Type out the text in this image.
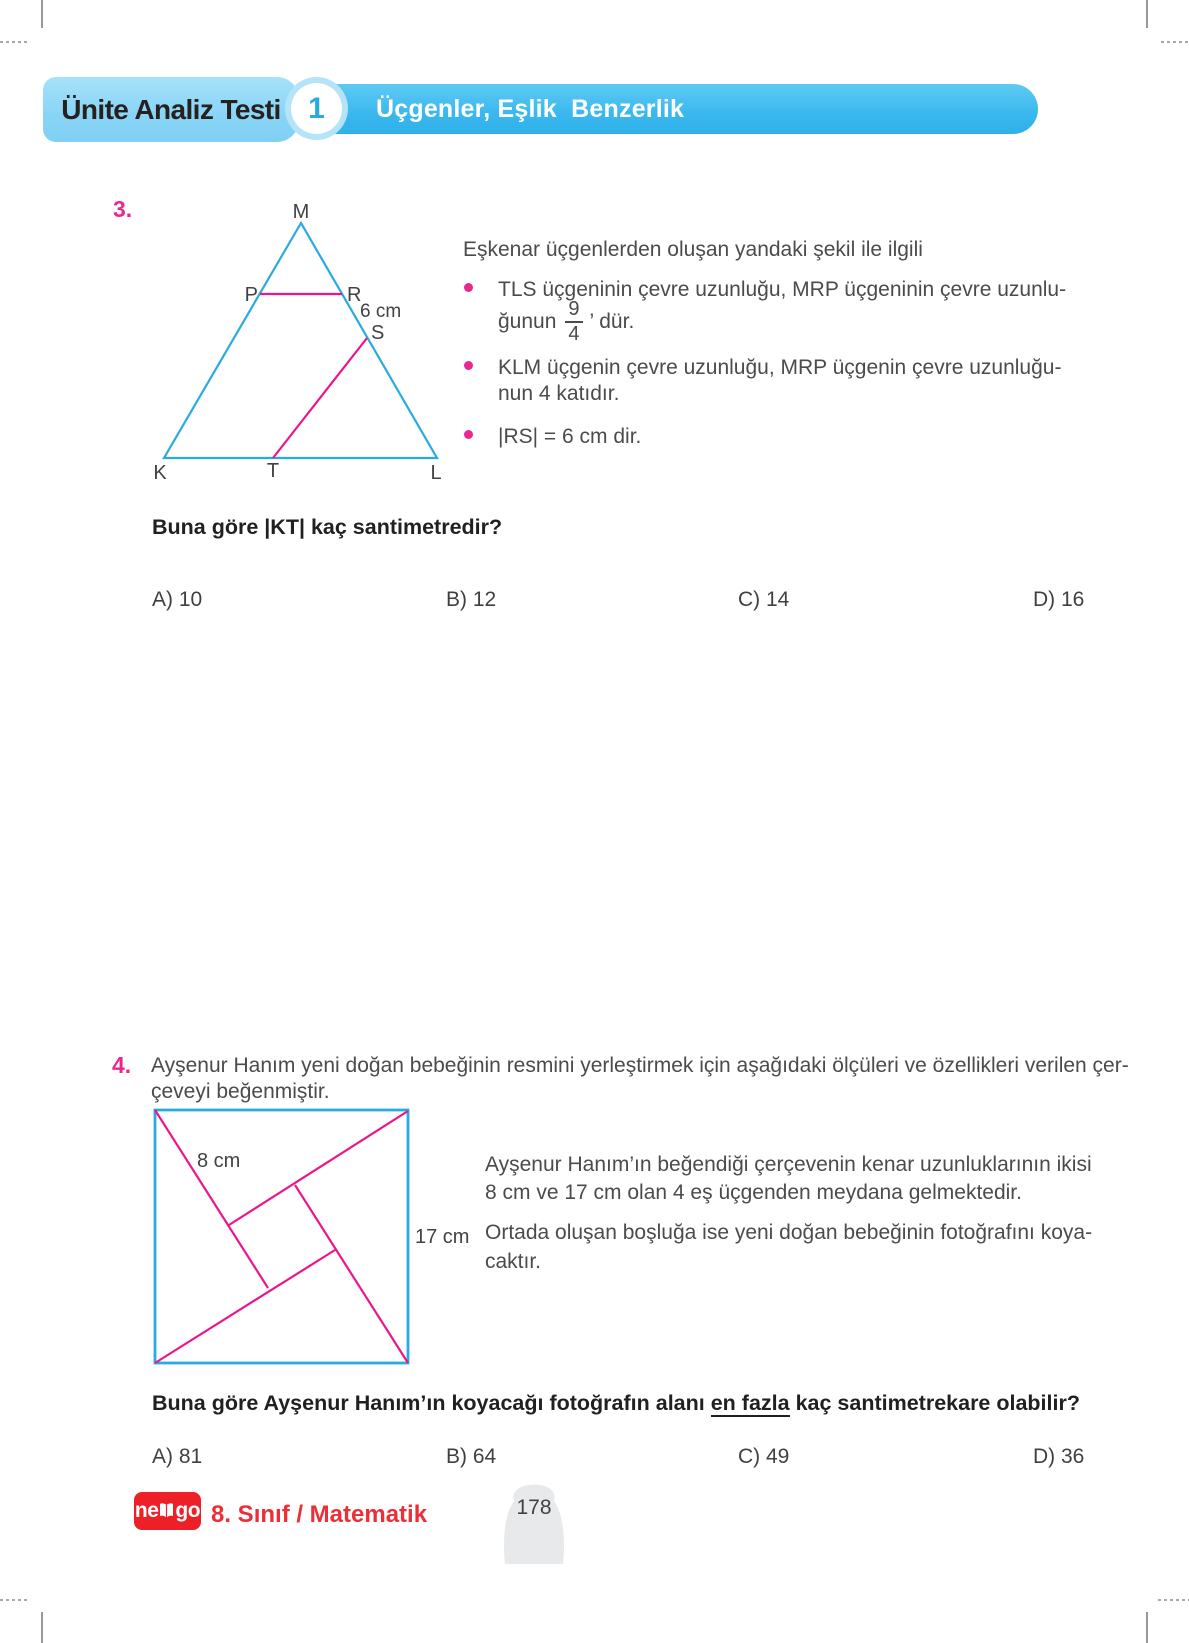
Ünite Analiz Testi	Üçgenler, Eşlik  Benzerlik
1
3.	M
P	R
6 cm
S
K	T	L
Eşkenar üçgenlerden oluşan yandaki şekil ile ilgili
TLS üçgeninin çevre uzunluğu, MRP üçgeninin çevre uzunlu-
ğunun $\frac{9}{4}$ ’ dür.
KLM üçgenin çevre uzunluğu, MRP üçgenin çevre uzunluğu-
nun 4 katıdır.
|RS| = 6 cm dir.
Buna göre |KT| kaç santimetredir?
A) 10	B) 12	C) 14	D) 16
4. Ayşenur Hanım yeni doğan bebeğinin resmini yerleştirmek için aşağıdaki ölçüleri ve özellikleri verilen çer-
çeveyi beğenmiştir.
8 cm
17 cm
Ayşenur Hanım’ın beğendiği çerçevenin kenar uzunluklarının ikisi
8 cm ve 17 cm olan 4 eş üçgenden meydana gelmektedir.
Ortada oluşan boşluğa ise yeni doğan bebeğinin fotoğrafını koya-
caktır.
Buna göre Ayşenur Hanım’ın koyacağı fotoğrafın alanı en fazla kaç santimetrekare olabilir?
A) 81	B) 64	C) 49	D) 36
ne go 8. Sınıf / Matematik	178
